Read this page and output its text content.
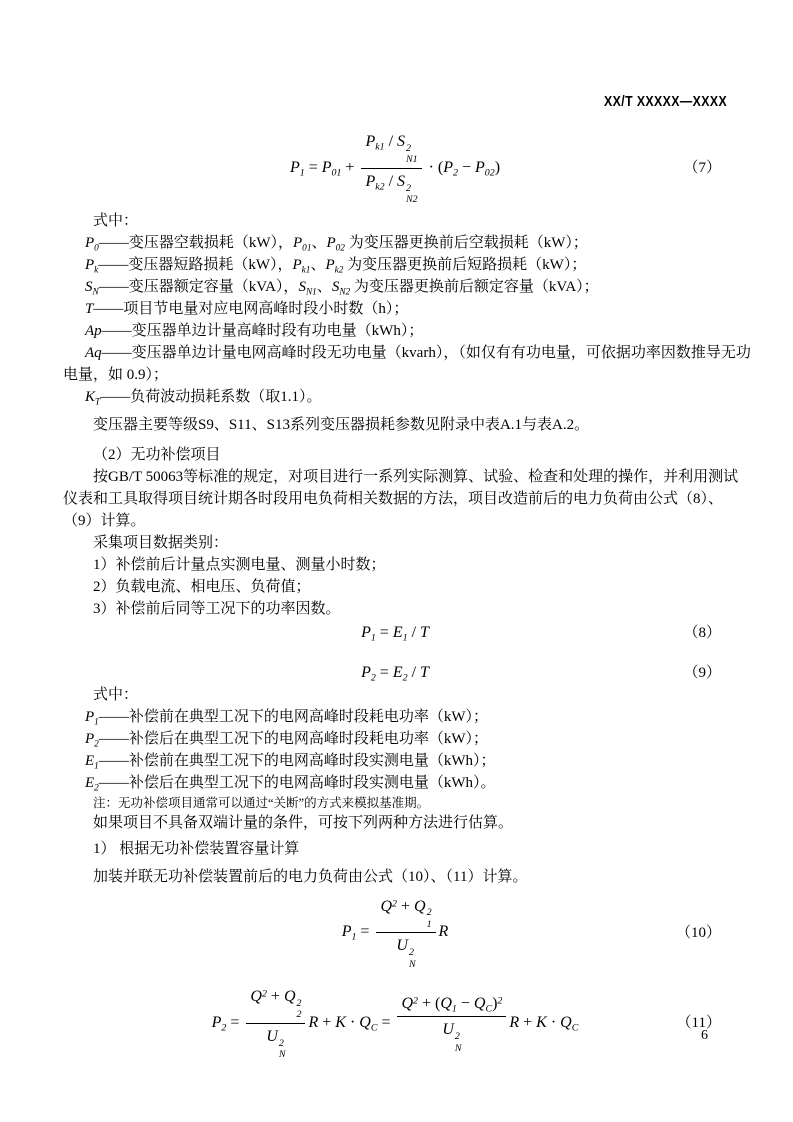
XX/T XXXXX—XXXX
$P_1 = P_{01} + P_{k1} / S$ 2
N1
$P_{k2}$ / S 2
$N2 \cdot (P_2 - P_{02})$	（7）

式中：

$P_0——$变压器空载损耗（kW），$P_{01}$、$P_{02}$ 为变压器更换前后空载损耗（kW）；

$P_k——$变压器短路损耗（kW），$P_{k1}$、$P_{k2}$ 为变压器更换前后短路损耗（kW）；

$S_N——$变压器额定容量（kVA），$S_{N1}$、$S_{N2}$ 为变压器更换前后额定容量（kVA）；

T——项目节电量对应电网高峰时段小时数（h）；

Ap——变压器单边计量高峰时段有功电量（kWh）；

Aq——变压器单边计量电网高峰时段无功电量（kvarh），（如仅有有功电量，可依据功率因数推导无功

电量，如 0.9）；

$K_T——$负荷波动损耗系数（取1.1）。

变压器主要等级S9、S11、S13系列变压器损耗参数见附录中表A.1与表A.2。

（2）无功补偿项目

按GB/T 50063等标准的规定，对项目进行一系列实际测算、试验、检查和处理的操作，并利用测试

仪表和工具取得项目统计期各时段用电负荷相关数据的方法，项目改造前后的电力负荷由公式（8）、

（9）计算。

采集项目数据类别：

1）补偿前后计量点实测电量、测量小时数；

2）负载电流、相电压、负荷值；

3）补偿前后同等工况下的功率因数。

$P_1 = E_1 / T$	（8）
$P_2 = E_2 / T$	（9）

式中：

$P_1——$补偿前在典型工况下的电网高峰时段耗电功率（kW）；

$P_2——$补偿后在典型工况下的电网高峰时段耗电功率（kW）；

$E_1——$补偿前在典型工况下的电网高峰时段实测电量（kWh）；

$E_2——$补偿后在典型工况下的电网高峰时段实测电量（kWh）。

注：无功补偿项目通常可以通过“关断”的方式来模拟基准期。

如果项目不具备双端计量的条件，可按下列两种方法进行估算。

1） 根据无功补偿装置容量计算

加装并联无功补偿装置前后的电力负荷由公式（10）、（11）计算。

$P_1 = Q^2 + Q$ 2
1
U 2
N R	（10）
$P_2 = Q^2 + Q$ 2
2
U 2
N $R + K \cdot Q_C = Q^2 + (Q_1 - Q_C)^2$
U 2
N $R + K \cdot Q_C$	（11）
6
